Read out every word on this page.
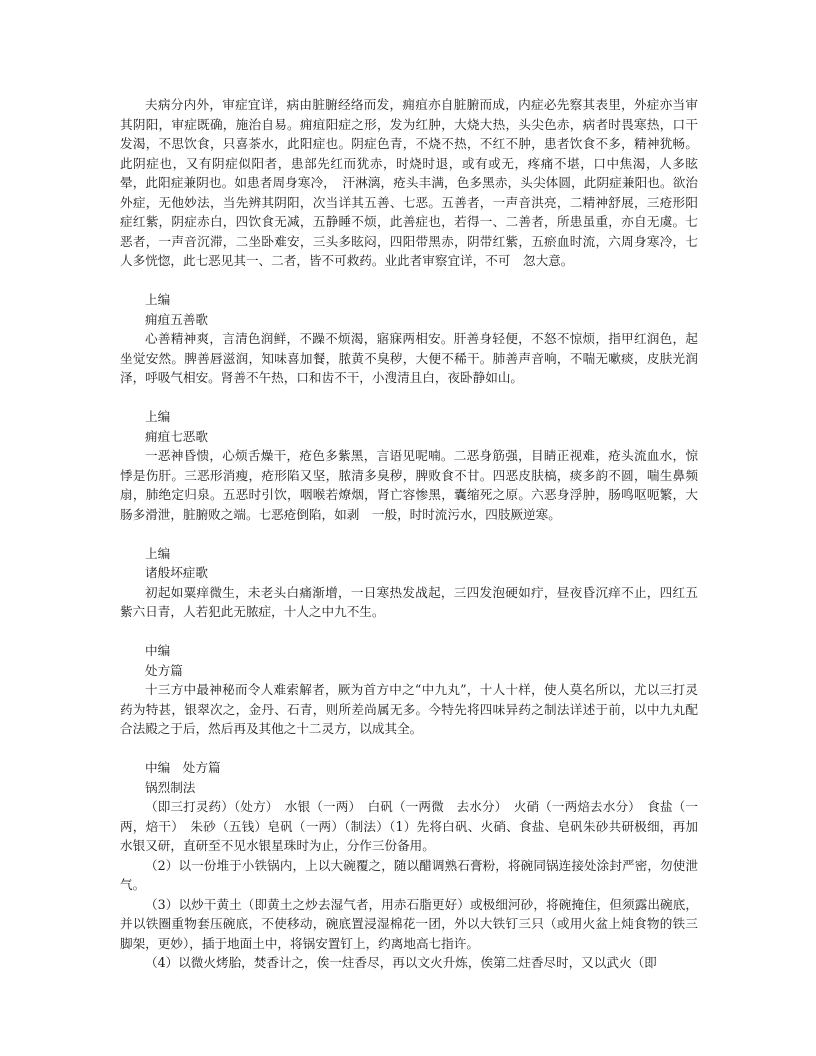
夫病分内外，审症宜详，病由脏腑经络而发，痈疽亦自脏腑而成，内症必先察其表里，外症亦当审其阴阳，审症既确，施治自易。痈疽阳症之形，发为红肿，大烧大热，头尖色赤，病者时畏寒热，口干发渴，不思饮食，只喜茶水，此阳症也。阴症色青，不烧不热，不红不肿，患者饮食不多，精神犹畅。此阴症也，又有阴症似阳者，患部先红而犹赤，时烧时退，或有或无，疼痛不堪，口中焦渴，人多眩晕，此阳症兼阴也。如患者周身寒冷，　汗淋漓，疮头丰满，色多黑赤，头尖体圆，此阴症兼阳也。欲治外症，无他妙法，当先辨其阴阳，次当详其五善、七恶。五善者，一声音洪亮，二精神舒展，三疮形阳症红紫，阴症赤白，四饮食无减，五静睡不烦，此善症也，若得一、二善者，所患虽重，亦自无虞。七恶者，一声音沉滞，二坐卧难安，三头多眩闷，四阳带黑赤，阴带红紫，五瘀血时流，六周身寒冷，七人多恍惚，此七恶见其一、二者，皆不可救药。业此者审察宜详，不可　忽大意。

上编

痈疽五善歌

心善精神爽，言清色润鲜，不躁不烦渴，寤寐两相安。肝善身轻便，不怒不惊烦，指甲红润色，起坐觉安然。脾善唇滋润，知味喜加餐，脓黄不臭秽，大便不稀干。肺善声音响，不喘无嗽痰，皮肤光润泽，呼吸气相安。肾善不午热，口和齿不干，小溲清且白，夜卧静如山。

上编

痈疽七恶歌

一恶神昏愦，心烦舌燥干，疮色多紫黑，言语见呢喃。二恶身筋强，目睛正视难，疮头流血水，惊悸是伤肝。三恶形消瘦，疮形陷又坚，脓清多臭秽，脾败食不甘。四恶皮肤槁，痰多韵不圆，喘生鼻频扇，肺绝定归泉。五恶时引饮，咽喉若燎烟，肾亡容惨黑，囊缩死之原。六恶身浮肿，肠鸣呕呃繁，大肠多滑泄，脏腑败之端。七恶疮倒陷，如剥　一般，时时流污水，四肢厥逆寒。

上编

诸般坏症歌

初起如粟痒微生，未老头白痛渐增，一日寒热发战起，三四发泡硬如疔，昼夜昏沉痒不止，四红五紫六日青，人若犯此无脓症，十人之中九不生。

中编

处方篇

十三方中最神秘而令人难索解者，厥为首方中之“中九丸”，十人十样，使人莫名所以，尤以三打灵药为特甚，银翠次之，金丹、石青，则所差尚属无多。今特先将四味异药之制法详述于前，以中九丸配合法殿之于后，然后再及其他之十二灵方，以成其全。

中编　处方篇

锅烈制法

（即三打灵药）（处方）　水银（一两）　白矾（一两微　去水分）　火硝（一两焙去水分）　食盐（一两，焙干）　朱砂（五钱）皂矾（一两）（制法）（1）先将白矾、火硝、食盐、皂矾朱砂共研极细，再加水银又研，直研至不见水银星珠时为止，分作三份备用。

（2）以一份堆于小铁锅内，上以大碗覆之，随以醋调熟石膏粉，将碗同锅连接处涂封严密，勿使泄气。

（3）以炒干黄土（即黄土之炒去湿气者，用赤石脂更好）或极细河砂，将碗掩住，但须露出碗底，并以铁圈重物套压碗底，不使移动，碗底置浸湿棉花一团，外以大铁钉三只（或用火盆上炖食物的铁三脚架，更妙），插于地面土中，将锅安置钉上，约离地高七指许。

（4）以微火烤胎，焚香计之，俟一炷香尽，再以文火升炼，俟第二炷香尽时，又以武火（即
